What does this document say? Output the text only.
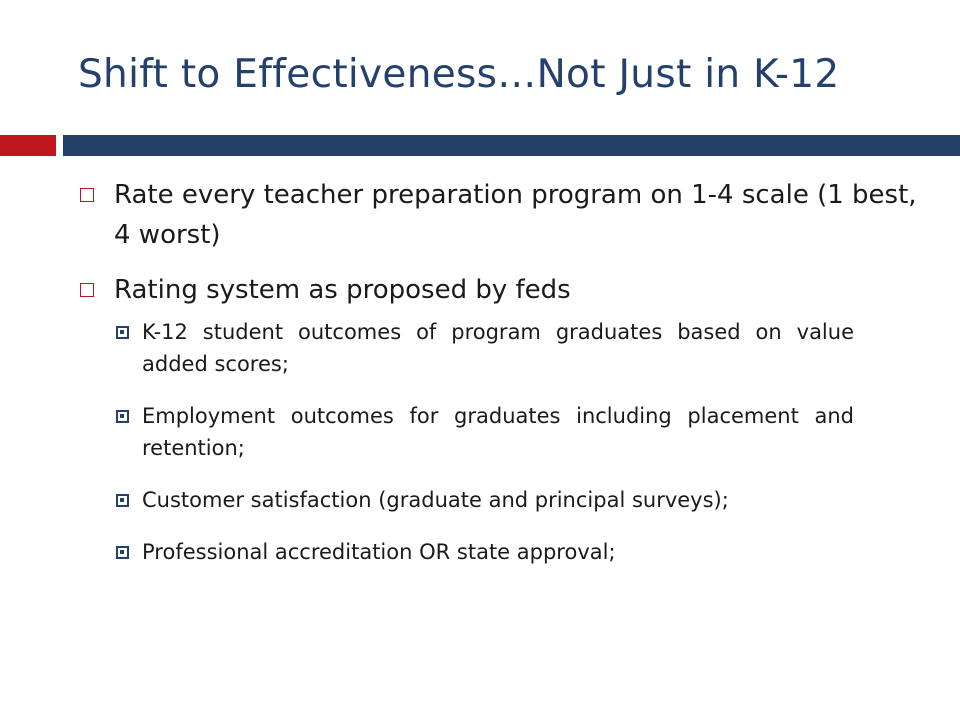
Shift to Effectiveness…Not Just in K-12
Rate every teacher preparation program on 1-4 scale (1 best, 4 worst)
Rating system as proposed by feds
K-12 student outcomes of program graduates based on value added scores;
Employment outcomes for graduates including placement and retention;
Customer satisfaction (graduate and principal surveys);
Professional accreditation OR state approval;
